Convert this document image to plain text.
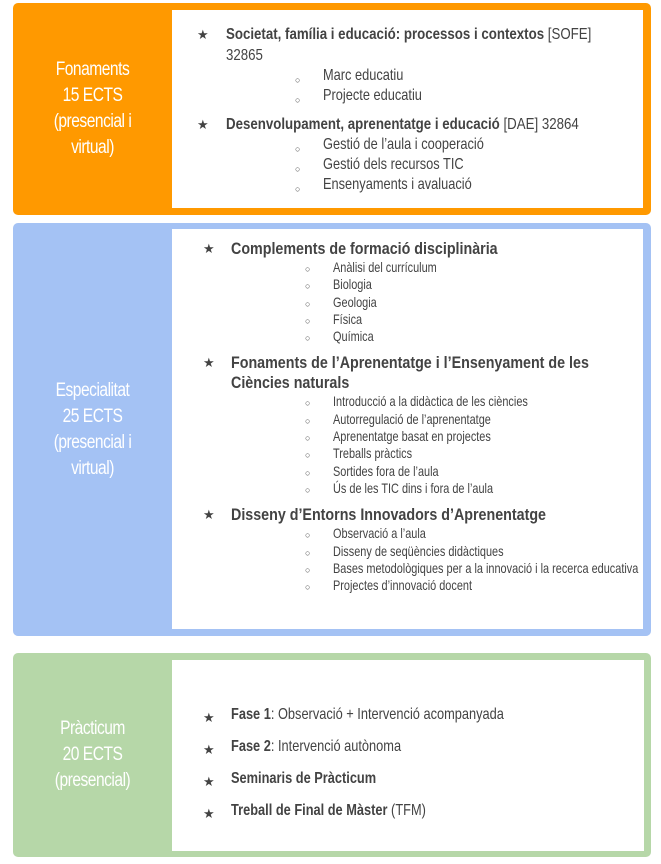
Fonaments
15 ECTS
(presencial i
virtual)
★ Societat, família i educació: processos i contextos [SOFE] 32865
○ Marc educatiu
○ Projecte educatiu
★ Desenvolupament, aprenentatge i educació [DAE] 32864
○ Gestió de l’aula i cooperació
○ Gestió dels recursos TIC
○ Ensenyaments i avaluació
Especialitat
25 ECTS
(presencial i
virtual)
★ Complements de formació disciplinària
○ Anàlisi del currículum
○ Biologia
○ Geologia
○ Física
○ Química
★ Fonaments de l’Aprenentatge i l’Ensenyament de les Ciències naturals
○ Introducció a la didàctica de les ciències
○ Autorregulació de l’aprenentatge
○ Aprenentatge basat en projectes
○ Treballs pràctics
○ Sortides fora de l’aula
○ Ús de les TIC dins i fora de l’aula
★ Disseny d’Entorns Innovadors d’Aprenentatge
○ Observació a l’aula
○ Disseny de seqüències didàctiques
○ Bases metodològiques per a la innovació i la recerca educativa
○ Projectes d’innovació docent
Pràcticum
20 ECTS
(presencial)
★ Fase 1: Observació + Intervenció acompanyada
★ Fase 2: Intervenció autònoma
★ Seminaris de Pràcticum
★ Treball de Final de Màster (TFM)
